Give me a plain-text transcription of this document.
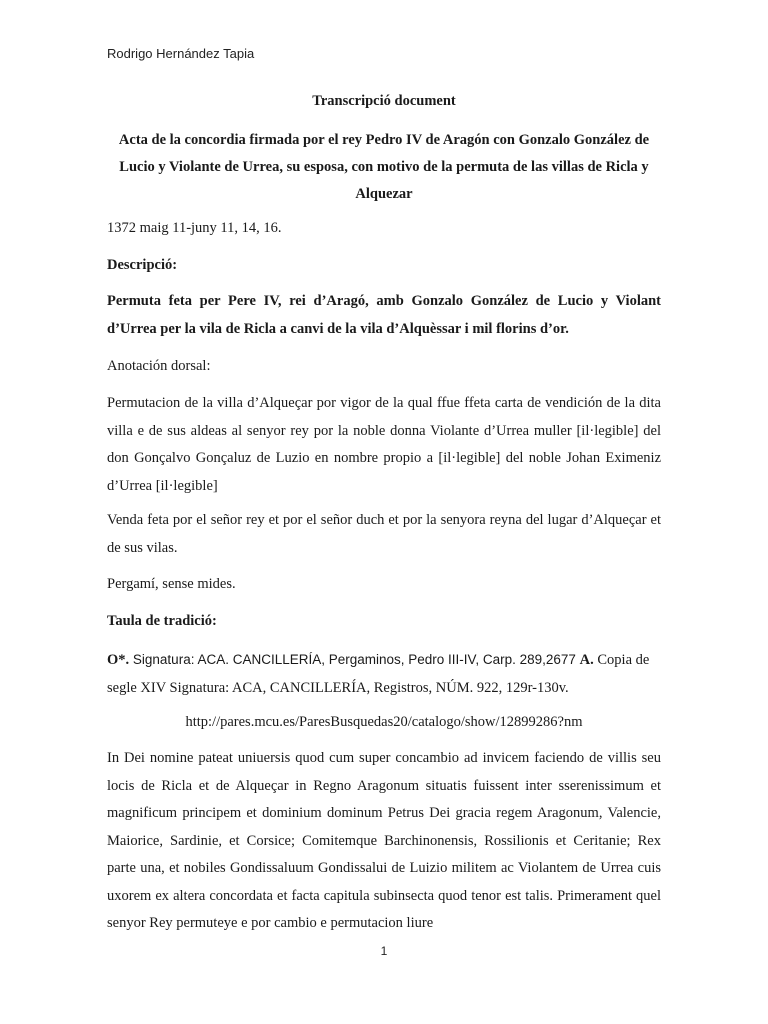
Rodrigo Hernández Tapia
Transcripció document
Acta de la concordia firmada por el rey Pedro IV de Aragón con Gonzalo González de Lucio y Violante de Urrea, su esposa, con motivo de la permuta de las villas de Ricla y Alquezar

1372 maig 11-juny 11, 14, 16.

Descripció:

Permuta feta per Pere IV, rei d’Aragó, amb Gonzalo González de Lucio y Violant d’Urrea per la vila de Ricla a canvi de la vila d’Alquèssar i mil florins d’or.

Anotación dorsal:

Permutacion de la villa d’Alqueçar por vigor de la qual ffue ffeta carta de vendición de la dita villa e de sus aldeas al senyor rey por la noble donna Violante d’Urrea muller [il·legible] del don Gonçalvo Gonçaluz de Luzio en nombre propio a [il·legible] del noble Johan Eximeniz d’Urrea [il·legible]

Venda feta por el señor rey et por el señor duch et por la senyora reyna del lugar d’Alqueçar et de sus vilas.

Pergamí, sense mides.

Taula de tradició:

O*. Signatura: ACA. CANCILLERÍA, Pergaminos, Pedro III-IV, Carp. 289,2677 A. Copia de segle XIV Signatura: ACA, CANCILLERÍA, Registros, NÚM. 922, 129r-130v.

http://pares.mcu.es/ParesBusquedas20/catalogo/show/12899286?nm

In Dei nomine pateat uniuersis quod cum super concambio ad invicem faciendo de villis seu locis de Ricla et de Alqueçar in Regno Aragonum situatis fuissent inter sserenissimum et magnificum principem et dominium dominum Petrus Dei gracia regem Aragonum, Valencie, Maiorice, Sardinie, et Corsice; Comitemque Barchinonensis, Rossilionis et Ceritanie; Rex parte una, et nobiles Gondissaluum Gondissalui de Luizio militem ac Violantem de Urrea cuis uxorem ex altera concordata et facta capitula subinsecta quod tenor est talis. Primerament quel senyor Rey permuteye e por cambio e permutacion liure

1
